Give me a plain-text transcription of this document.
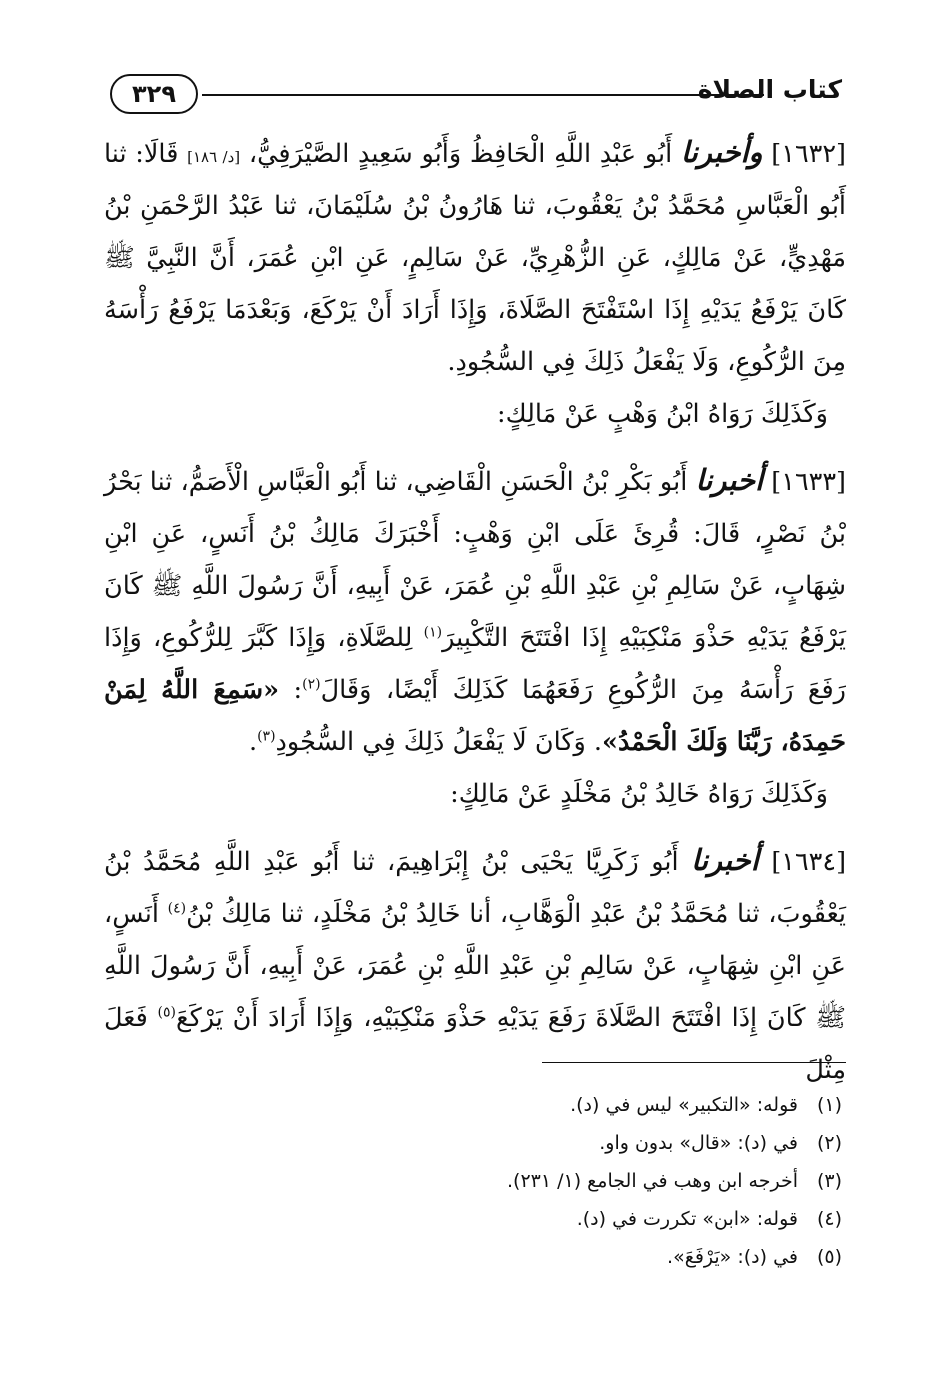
كتاب الصلاة
٣٢٩

[١٦٣٢] وأخبرنا أَبُو عَبْدِ اللَّهِ الْحَافِظُ وَأَبُو سَعِيدٍ الصَّيْرَفِيُّ، [د/ ١٨٦] قَالَا: ثنا أَبُو الْعَبَّاسِ مُحَمَّدُ بْنُ يَعْقُوبَ، ثنا هَارُونُ بْنُ سُلَيْمَانَ، ثنا عَبْدُ الرَّحْمَنِ بْنُ مَهْدِيٍّ، عَنْ مَالِكٍ، عَنِ الزُّهْرِيِّ، عَنْ سَالِمٍ، عَنِ ابْنِ عُمَرَ، أَنَّ النَّبِيَّ ﷺ كَانَ يَرْفَعُ يَدَيْهِ إِذَا اسْتَفْتَحَ الصَّلَاةَ، وَإِذَا أَرَادَ أَنْ يَرْكَعَ، وَبَعْدَمَا يَرْفَعُ رَأْسَهُ مِنَ الرُّكُوعِ، وَلَا يَفْعَلُ ذَلِكَ فِي السُّجُودِ.

وَكَذَلِكَ رَوَاهُ ابْنُ وَهْبٍ عَنْ مَالِكٍ:

[١٦٣٣] أخبرنا أَبُو بَكْرِ بْنُ الْحَسَنِ الْقَاضِي، ثنا أَبُو الْعَبَّاسِ الْأَصَمُّ، ثنا بَحْرُ بْنُ نَصْرٍ، قَالَ: قُرِئَ عَلَى ابْنِ وَهْبٍ: أَخْبَرَكَ مَالِكُ بْنُ أَنَسٍ، عَنِ ابْنِ شِهَابٍ، عَنْ سَالِمِ بْنِ عَبْدِ اللَّهِ بْنِ عُمَرَ، عَنْ أَبِيهِ، أَنَّ رَسُولَ اللَّهِ ﷺ كَانَ يَرْفَعُ يَدَيْهِ حَذْوَ مَنْكِبَيْهِ إِذَا افْتَتَحَ التَّكْبِيرَ$^{(١)}$ لِلصَّلَاةِ، وَإِذَا كَبَّرَ لِلرُّكُوعِ، وَإِذَا رَفَعَ رَأْسَهُ مِنَ الرُّكُوعِ رَفَعَهُمَا كَذَلِكَ أَيْضًا، وَقَالَ$^{(٢)}$: «سَمِعَ اللَّهُ لِمَنْ حَمِدَهُ، رَبَّنَا وَلَكَ الْحَمْدُ». وَكَانَ لَا يَفْعَلُ ذَلِكَ فِي السُّجُودِ$^{(٣)}$.

وَكَذَلِكَ رَوَاهُ خَالِدُ بْنُ مَخْلَدٍ عَنْ مَالِكٍ:

[١٦٣٤] أخبرنا أَبُو زَكَرِيَّا يَحْيَى بْنُ إِبْرَاهِيمَ، ثنا أَبُو عَبْدِ اللَّهِ مُحَمَّدُ بْنُ يَعْقُوبَ، ثنا مُحَمَّدُ بْنُ عَبْدِ الْوَهَّابِ، أنا خَالِدُ بْنُ مَخْلَدٍ، ثنا مَالِكُ بْنُ$^{(٤)}$ أَنَسٍ، عَنِ ابْنِ شِهَابٍ، عَنْ سَالِمِ بْنِ عَبْدِ اللَّهِ بْنِ عُمَرَ، عَنْ أَبِيهِ، أَنَّ رَسُولَ اللَّهِ ﷺ كَانَ إِذَا افْتَتَحَ الصَّلَاةَ رَفَعَ يَدَيْهِ حَذْوَ مَنْكِبَيْهِ، وَإِذَا أَرَادَ أَنْ يَرْكَعَ$^{(٥)}$ فَعَلَ مِثْلَ

(١)قوله: «التكبير» ليس في (د).

(٢)في (د): «قال» بدون واو.

(٣)أخرجه ابن وهب في الجامع (١/ ٢٣١).

(٤)قوله: «ابن» تكررت في (د).

(٥)في (د): «يَرْفَعَ».
